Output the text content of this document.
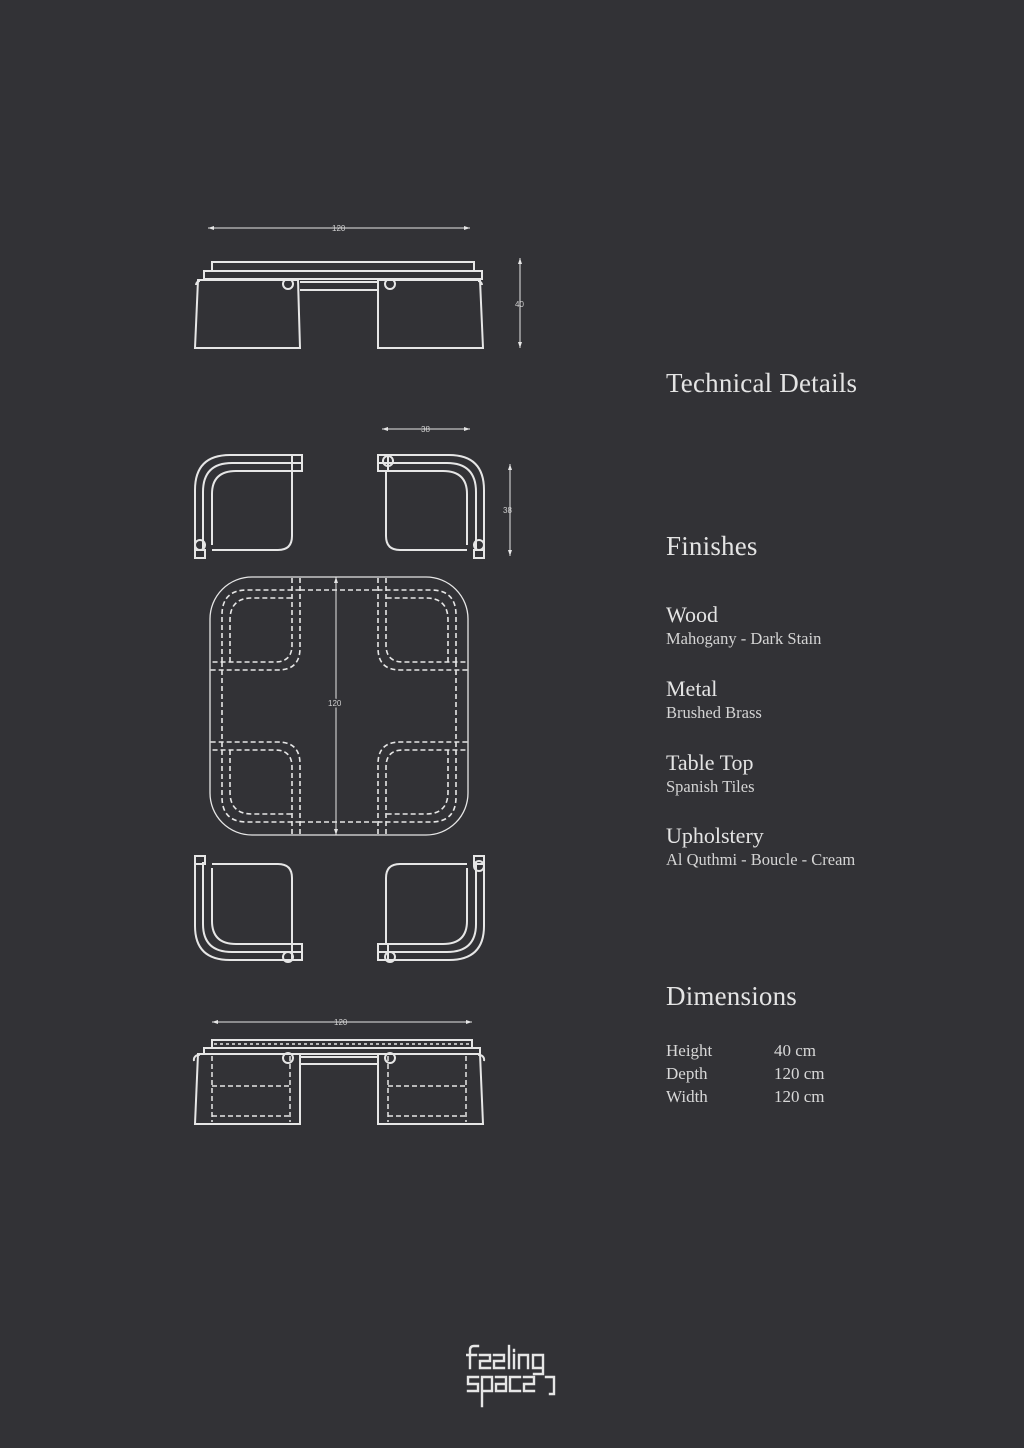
120
40
38
38
120
120
Technical Details
Finishes
Wood
Mahogany - Dark Stain
Metal
Brushed Brass
Table Top
Spanish Tiles
Upholstery
Al Quthmi - Boucle - Cream
Dimensions
Height	40 cm
Depth	120 cm
Width	120 cm
